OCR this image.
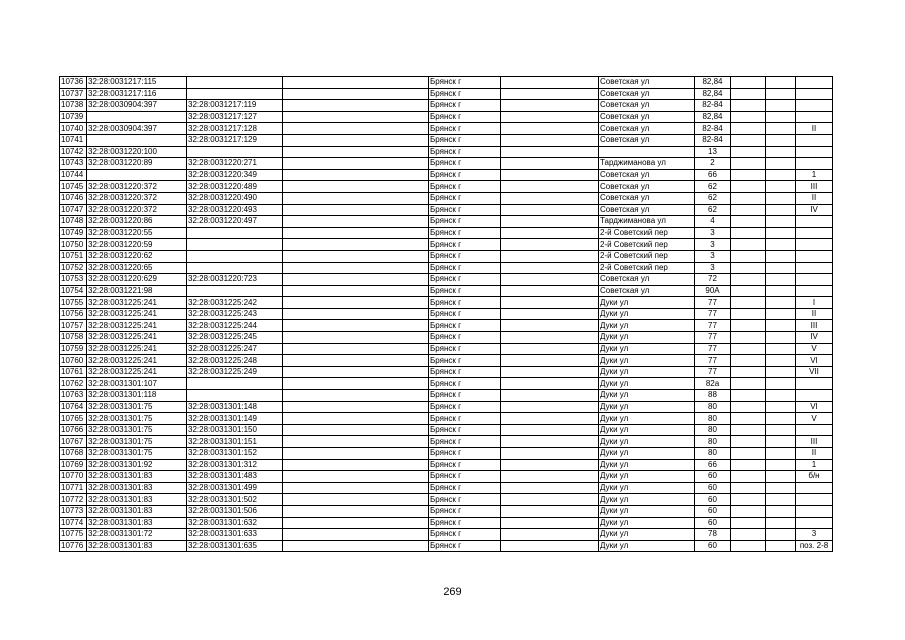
10736	32:28:0031217:115			Брянск г		Советская ул	82,84			
10737	32:28:0031217:116			Брянск г		Советская ул	82,84			
10738	32:28:0030904:397	32:28:0031217:119		Брянск г		Советская ул	82-84			
10739		32:28:0031217:127		Брянск г		Советская ул	82,84			
10740	32:28:0030904:397	32:28:0031217:128		Брянск г		Советская ул	82-84			II
10741		32:28:0031217:129		Брянск г		Советская ул	82-84			
10742	32:28:0031220:100			Брянск г			13			
10743	32:28:0031220:89	32:28:0031220:271		Брянск г		Тарджиманова ул	2			
10744		32:28:0031220:349		Брянск г		Советская ул	66			1
10745	32:28:0031220:372	32:28:0031220:489		Брянск г		Советская ул	62			III
10746	32:28:0031220:372	32:28:0031220:490		Брянск г		Советская ул	62			II
10747	32:28:0031220:372	32:28:0031220:493		Брянск г		Советская ул	62			IV
10748	32:28:0031220:86	32:28:0031220:497		Брянск г		Тарджиманова ул	4			
10749	32:28:0031220:55			Брянск г		2-й Советский пер	3			
10750	32:28:0031220:59			Брянск г		2-й Советский пер	3			
10751	32:28:0031220:62			Брянск г		2-й Советский пер	3			
10752	32:28:0031220:65			Брянск г		2-й Советский пер	3			
10753	32:28:0031220:629	32:28:0031220:723		Брянск г		Советская ул	72			
10754	32:28:0031221:98			Брянск г		Советская ул	90А			
10755	32:28:0031225:241	32:28:0031225:242		Брянск г		Дуки ул	77			I
10756	32:28:0031225:241	32:28:0031225:243		Брянск г		Дуки ул	77			II
10757	32:28:0031225:241	32:28:0031225:244		Брянск г		Дуки ул	77			III
10758	32:28:0031225:241	32:28:0031225:245		Брянск г		Дуки ул	77			IV
10759	32:28:0031225:241	32:28:0031225:247		Брянск г		Дуки ул	77			V
10760	32:28:0031225:241	32:28:0031225:248		Брянск г		Дуки ул	77			VI
10761	32:28:0031225:241	32:28:0031225:249		Брянск г		Дуки ул	77			VII
10762	32:28:0031301:107			Брянск г		Дуки ул	82а			
10763	32:28:0031301:118			Брянск г		Дуки ул	88			
10764	32:28:0031301:75	32:28:0031301:148		Брянск г		Дуки ул	80			VI
10765	32:28:0031301:75	32:28:0031301:149		Брянск г		Дуки ул	80			V
10766	32:28:0031301:75	32:28:0031301:150		Брянск г		Дуки ул	80			
10767	32:28:0031301:75	32:28:0031301:151		Брянск г		Дуки ул	80			III
10768	32:28:0031301:75	32:28:0031301:152		Брянск г		Дуки ул	80			II
10769	32:28:0031301:92	32:28:0031301:312		Брянск г		Дуки ул	66			1
10770	32:28:0031301:83	32:28:0031301:483		Брянск г		Дуки ул	60			б/н
10771	32:28:0031301:83	32:28:0031301:499		Брянск г		Дуки ул	60			
10772	32:28:0031301:83	32:28:0031301:502		Брянск г		Дуки ул	60			
10773	32:28:0031301:83	32:28:0031301:506		Брянск г		Дуки ул	60			
10774	32:28:0031301:83	32:28:0031301:632		Брянск г		Дуки ул	60			
10775	32:28:0031301:72	32:28:0031301:633		Брянск г		Дуки ул	78			3
10776	32:28:0031301:83	32:28:0031301:635		Брянск г		Дуки ул	60			поз. 2-8
269
